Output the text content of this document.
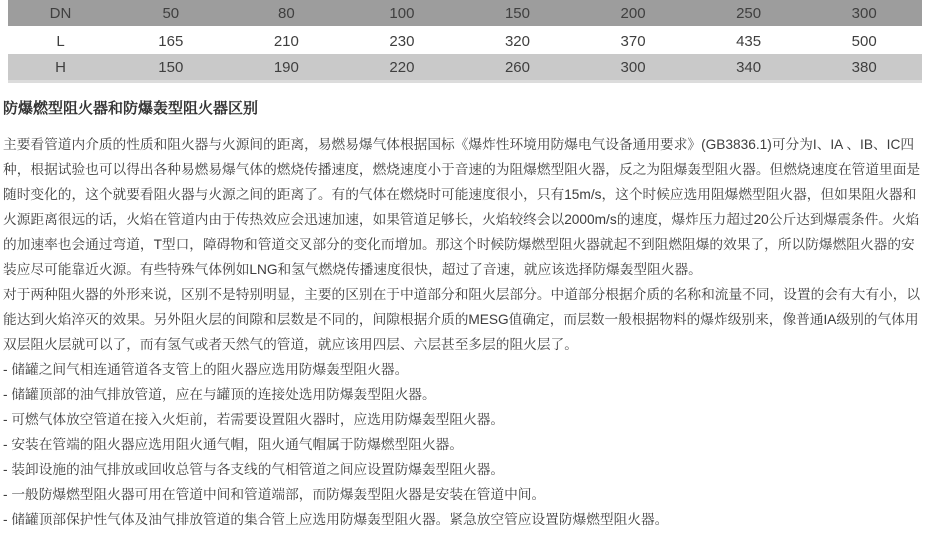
DN	50	80	100	150	200	250	300
L	165	210	230	320	370	435	500
H	150	190	220	260	300	340	380
防爆燃型阻火器和防爆轰型阻火器区别

主要看管道内介质的性质和阻火器与火源间的距离，易燃易爆气体根据国标《爆炸性环境用防爆电气设备通用要求》(GB3836.1)可分为I、IA 、IB、IC四种，根据试验也可以得出各种易燃易爆气体的燃烧传播速度，燃烧速度小于音速的为阻爆燃型阻火器，反之为阻爆轰型阻火器。但燃烧速度在管道里面是随时变化的，这个就要看阻火器与火源之间的距离了。有的气体在燃烧时可能速度很小，只有15m/s，这个时候应选用阻爆燃型阻火器，但如果阻火器和火源距离很远的话，火焰在管道内由于传热效应会迅速加速，如果管道足够长，火焰较终会以2000m/s的速度，爆炸压力超过20公斤达到爆震条件。火焰的加速率也会通过弯道，T型口，障碍物和管道交叉部分的变化而增加。那这个时候防爆燃型阻火器就起不到阻燃阻爆的效果了，所以防爆燃阻火器的安装应尽可能靠近火源。有些特殊气体例如LNG和氢气燃烧传播速度很快，超过了音速，就应该选择防爆轰型阻火器。

对于两种阻火器的外形来说，区别不是特别明显，主要的区别在于中道部分和阻火层部分。中道部分根据介质的名称和流量不同，设置的会有大有小，以能达到火焰淬灭的效果。另外阻火层的间隙和层数是不同的，间隙根据介质的MESG值确定，而层数一般根据物料的爆炸级别来，像普通IA级别的气体用双层阻火层就可以了，而有氢气或者天然气的管道，就应该用四层、六层甚至多层的阻火层了。

- 储罐之间气相连通管道各支管上的阻火器应选用防爆轰型阻火器。
- 储罐顶部的油气排放管道，应在与罐顶的连接处选用防爆轰型阻火器。
- 可燃气体放空管道在接入火炬前，若需要设置阻火器时，应选用防爆轰型阻火器。
- 安装在管端的阻火器应选用阻火通气帽，阻火通气帽属于防爆燃型阻火器。
- 装卸设施的油气排放或回收总管与各支线的气相管道之间应设置防爆轰型阻火器。
- 一般防爆燃型阻火器可用在管道中间和管道端部，而防爆轰型阻火器是安装在管道中间。
- 储罐顶部保护性气体及油气排放管道的集合管上应选用防爆轰型阻火器。紧急放空管应设置防爆燃型阻火器。
